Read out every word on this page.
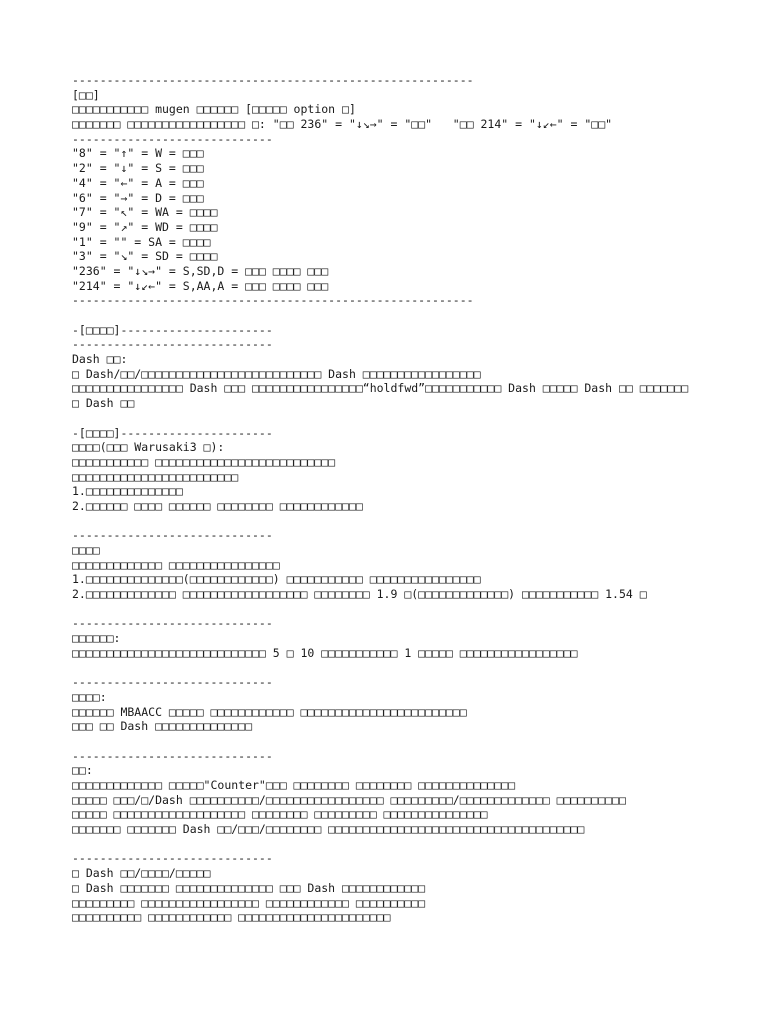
----------------------------------------------------------
[□□]
□□□□□□□□□□□ mugen □□□□□□ [□□□□□ option □]
□□□□□□□ □□□□□□□□□□□□□□□□□ □: "□□ 236" = "↓↘→" = "□□"   "□□ 214" = "↓↙←" = "□□"
-----------------------------
"8" = "↑" = W = □□□
"2" = "↓" = S = □□□
"4" = "←" = A = □□□
"6" = "→" = D = □□□
"7" = "↖" = WA = □□□□
"9" = "↗" = WD = □□□□
"1" = "" = SA = □□□□
"3" = "↘" = SD = □□□□
"236" = "↓↘→" = S,SD,D = □□□ □□□□ □□□
"214" = "↓↙←" = S,AA,A = □□□ □□□□ □□□
----------------------------------------------------------
-[□□□□]----------------------
-----------------------------
Dash □□:
□ Dash/□□/□□□□□□□□□□□□□□□□□□□□□□□□□□ Dash □□□□□□□□□□□□□□□□□
□□□□□□□□□□□□□□□□ Dash □□□ □□□□□□□□□□□□□□□□“holdfwd”□□□□□□□□□□□ Dash □□□□□ Dash □□ □□□□□□□
□ Dash □□
-[□□□□]----------------------
□□□□(□□□ Warusaki3 □):
□□□□□□□□□□□ □□□□□□□□□□□□□□□□□□□□□□□□□□
□□□□□□□□□□□□□□□□□□□□□□□□
1.□□□□□□□□□□□□□□
2.□□□□□□ □□□□ □□□□□□ □□□□□□□□ □□□□□□□□□□□□
-----------------------------
□□□□
□□□□□□□□□□□□□ □□□□□□□□□□□□□□□□
1.□□□□□□□□□□□□□□(□□□□□□□□□□□□) □□□□□□□□□□□ □□□□□□□□□□□□□□□□
2.□□□□□□□□□□□□□ □□□□□□□□□□□□□□□□□□ □□□□□□□□ 1.9 □(□□□□□□□□□□□□□) □□□□□□□□□□□ 1.54 □
-----------------------------
□□□□□□:
□□□□□□□□□□□□□□□□□□□□□□□□□□□□ 5 □ 10 □□□□□□□□□□□ 1 □□□□□ □□□□□□□□□□□□□□□□□
-----------------------------
□□□□:
□□□□□□ MBAACC □□□□□ □□□□□□□□□□□□ □□□□□□□□□□□□□□□□□□□□□□□□
□□□ □□ Dash □□□□□□□□□□□□□□
-----------------------------
□□:
□□□□□□□□□□□□□ □□□□□"Counter"□□□ □□□□□□□□ □□□□□□□□ □□□□□□□□□□□□□□
□□□□□ □□□/□/Dash □□□□□□□□□□/□□□□□□□□□□□□□□□□□ □□□□□□□□□/□□□□□□□□□□□□□ □□□□□□□□□□
□□□□□ □□□□□□□□□□□□□□□□□□□ □□□□□□□□ □□□□□□□□□ □□□□□□□□□□□□□□□
□□□□□□□ □□□□□□□ Dash □□/□□□/□□□□□□□□ □□□□□□□□□□□□□□□□□□□□□□□□□□□□□□□□□□□□□
-----------------------------
□ Dash □□/□□□□/□□□□□
□ Dash □□□□□□□ □□□□□□□□□□□□□□ □□□ Dash □□□□□□□□□□□□
□□□□□□□□□ □□□□□□□□□□□□□□□□□ □□□□□□□□□□□□ □□□□□□□□□□
□□□□□□□□□□ □□□□□□□□□□□□ □□□□□□□□□□□□□□□□□□□□□□
